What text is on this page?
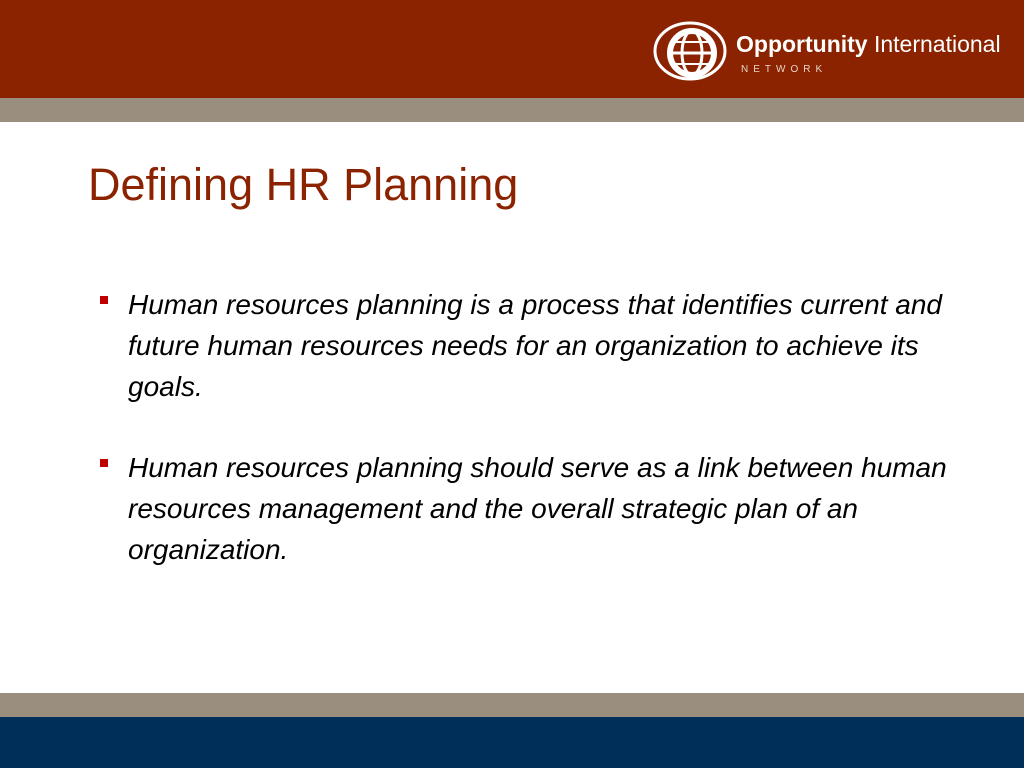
Opportunity International
NETWORK
Defining HR Planning
Human resources planning is a process that identifies current and future human resources needs for an organization to achieve its goals.
Human resources planning should serve as a link between human resources management and the overall strategic plan of an organization.
